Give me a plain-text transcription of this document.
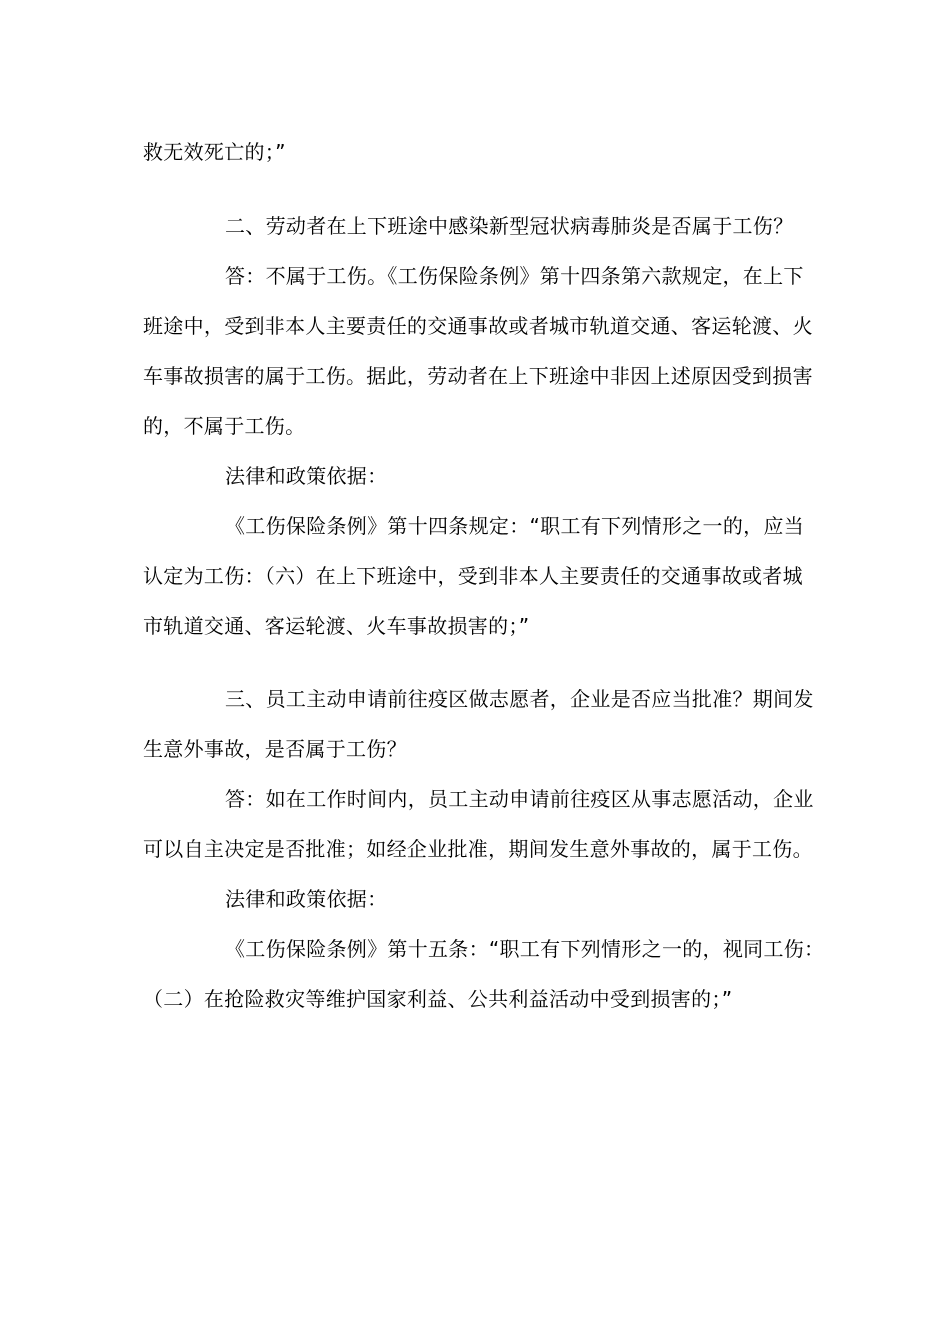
救无效死亡的；”
二、劳动者在上下班途中感染新型冠状病毒肺炎是否属于工伤？
答：不属于工伤。《工伤保险条例》第十四条第六款规定，在上下
班途中，受到非本人主要责任的交通事故或者城市轨道交通、客运轮渡、火
车事故损害的属于工伤。据此，劳动者在上下班途中非因上述原因受到损害
的，不属于工伤。
法律和政策依据：
《工伤保险条例》第十四条规定：“职工有下列情形之一的，应当
认定为工伤：（六）在上下班途中，受到非本人主要责任的交通事故或者城
市轨道交通、客运轮渡、火车事故损害的；”
三、员工主动申请前往疫区做志愿者，企业是否应当批准？期间发
生意外事故，是否属于工伤？
答：如在工作时间内，员工主动申请前往疫区从事志愿活动，企业
可以自主决定是否批准；如经企业批准，期间发生意外事故的，属于工伤。
法律和政策依据：
《工伤保险条例》第十五条：“职工有下列情形之一的，视同工伤：
（二）在抢险救灾等维护国家利益、公共利益活动中受到损害的；”
